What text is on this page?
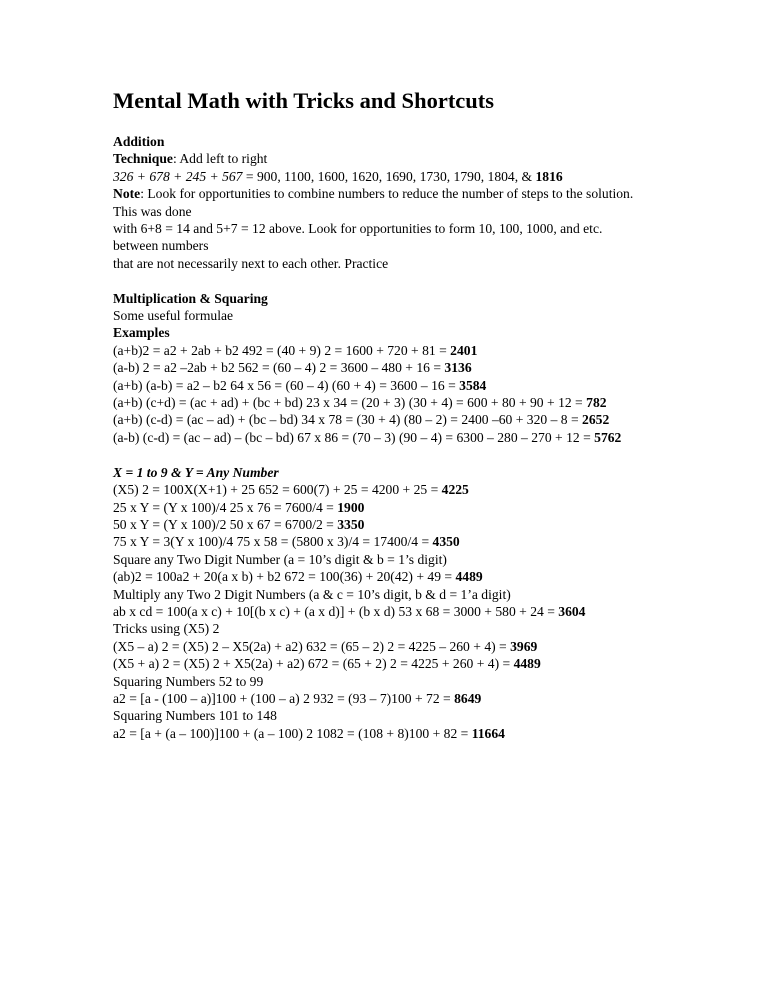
Mental Math with Tricks and Shortcuts
Addition
Technique: Add left to right
326 + 678 + 245 + 567 = 900, 1100, 1600, 1620, 1690, 1730, 1790, 1804, & 1816
Note: Look for opportunities to combine numbers to reduce the number of steps to the solution. This was done
with 6+8 = 14 and 5+7 = 12 above. Look for opportunities to form 10, 100, 1000, and etc. between numbers
that are not necessarily next to each other. Practice
Multiplication & Squaring
Some useful formulae
Examples
(a+b)2 = a2 + 2ab + b2 492 = (40 + 9) 2 = 1600 + 720 + 81 = 2401
(a-b) 2 = a2 –2ab + b2 562 = (60 – 4) 2 = 3600 – 480 + 16 = 3136
(a+b) (a-b) = a2 – b2 64 x 56 = (60 – 4) (60 + 4) = 3600 – 16 = 3584
(a+b) (c+d) = (ac + ad) + (bc + bd) 23 x 34 = (20 + 3) (30 + 4) = 600 + 80 + 90 + 12 = 782
(a+b) (c-d) = (ac – ad) + (bc – bd) 34 x 78 = (30 + 4) (80 – 2) = 2400 –60 + 320 – 8 = 2652
(a-b) (c-d) = (ac – ad) – (bc – bd) 67 x 86 = (70 – 3) (90 – 4) = 6300 – 280 – 270 + 12 = 5762
X = 1 to 9 & Y = Any Number
(X5) 2 = 100X(X+1) + 25 652 = 600(7) + 25 = 4200 + 25 = 4225
25 x Y = (Y x 100)/4 25 x 76 = 7600/4 = 1900
50 x Y = (Y x 100)/2 50 x 67 = 6700/2 = 3350
75 x Y = 3(Y x 100)/4 75 x 58 = (5800 x 3)/4 = 17400/4 = 4350
Square any Two Digit Number (a = 10’s digit & b = 1’s digit)
(ab)2 = 100a2 + 20(a x b) + b2 672 = 100(36) + 20(42) + 49 = 4489
Multiply any Two 2 Digit Numbers (a & c = 10’s digit, b & d = 1’a digit)
ab x cd = 100(a x c) + 10[(b x c) + (a x d)] + (b x d) 53 x 68 = 3000 + 580 + 24 = 3604
Tricks using (X5) 2
(X5 – a) 2 = (X5) 2 – X5(2a) + a2) 632 = (65 – 2) 2 = 4225 – 260 + 4) = 3969
(X5 + a) 2 = (X5) 2 + X5(2a) + a2) 672 = (65 + 2) 2 = 4225 + 260 + 4) = 4489
Squaring Numbers 52 to 99
a2 = [a - (100 – a)]100 + (100 – a) 2 932 = (93 – 7)100 + 72 = 8649
Squaring Numbers 101 to 148
a2 = [a + (a – 100)]100 + (a – 100) 2 1082 = (108 + 8)100 + 82 = 11664
